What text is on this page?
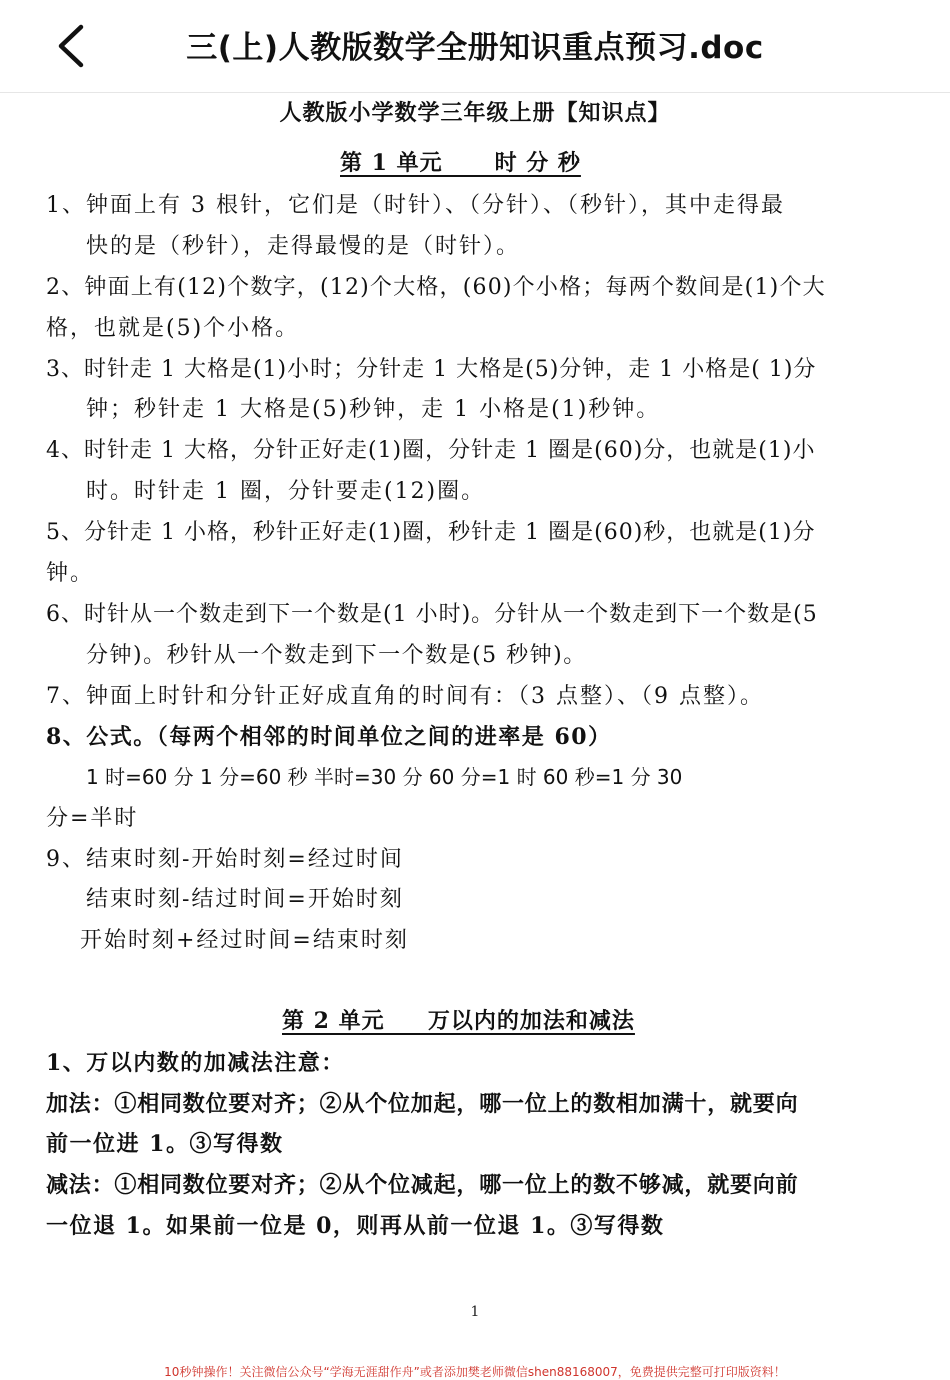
三(上)人教版数学全册知识重点预习.doc
人教版小学数学三年级上册【知识点】
第 1 单元      时 分 秒
1、钟面上有 3 根针，它们是（时针）、（分针）、（秒针），其中走得最
快的是（秒针），走得最慢的是（时针）。
2、钟面上有(12)个数字，(12)个大格，(60)个小格；每两个数间是(1)个大
格，也就是(5)个小格。
3、时针走 1 大格是(1)小时；分针走 1 大格是(5)分钟，走 1 小格是( 1)分
钟；秒针走 1 大格是(5)秒钟，走 1 小格是(1)秒钟。
4、时针走 1 大格，分针正好走(1)圈，分针走 1 圈是(60)分，也就是(1)小
时。时针走 1 圈，分针要走(12)圈。
5、分针走 1 小格，秒针正好走(1)圈，秒针走 1 圈是(60)秒，也就是(1)分
钟。
6、时针从一个数走到下一个数是(1 小时)。分针从一个数走到下一个数是(5
分钟)。秒针从一个数走到下一个数是(5 秒钟)。
7、钟面上时针和分针正好成直角的时间有：（3 点整）、（9 点整）。
8、公式。（每两个相邻的时间单位之间的进率是 60）
1 时=60 分 1 分=60 秒 半时=30 分 60 分=1 时 60 秒=1 分 30
分=半时
9、结束时刻-开始时刻=经过时间
结束时刻-结过时间=开始时刻
开始时刻+经过时间=结束时刻
第 2 单元     万以内的加法和减法
1、万以内数的加减法注意：
加法：①相同数位要对齐；②从个位加起，哪一位上的数相加满十，就要向
前一位进 1。③写得数
减法：①相同数位要对齐；②从个位减起，哪一位上的数不够减，就要向前
一位退 1。如果前一位是 0，则再从前一位退 1。③写得数
1
10秒钟操作！关注微信公众号“学海无涯甜作舟”或者添加樊老师微信shen88168007，免费提供完整可打印版资料！
